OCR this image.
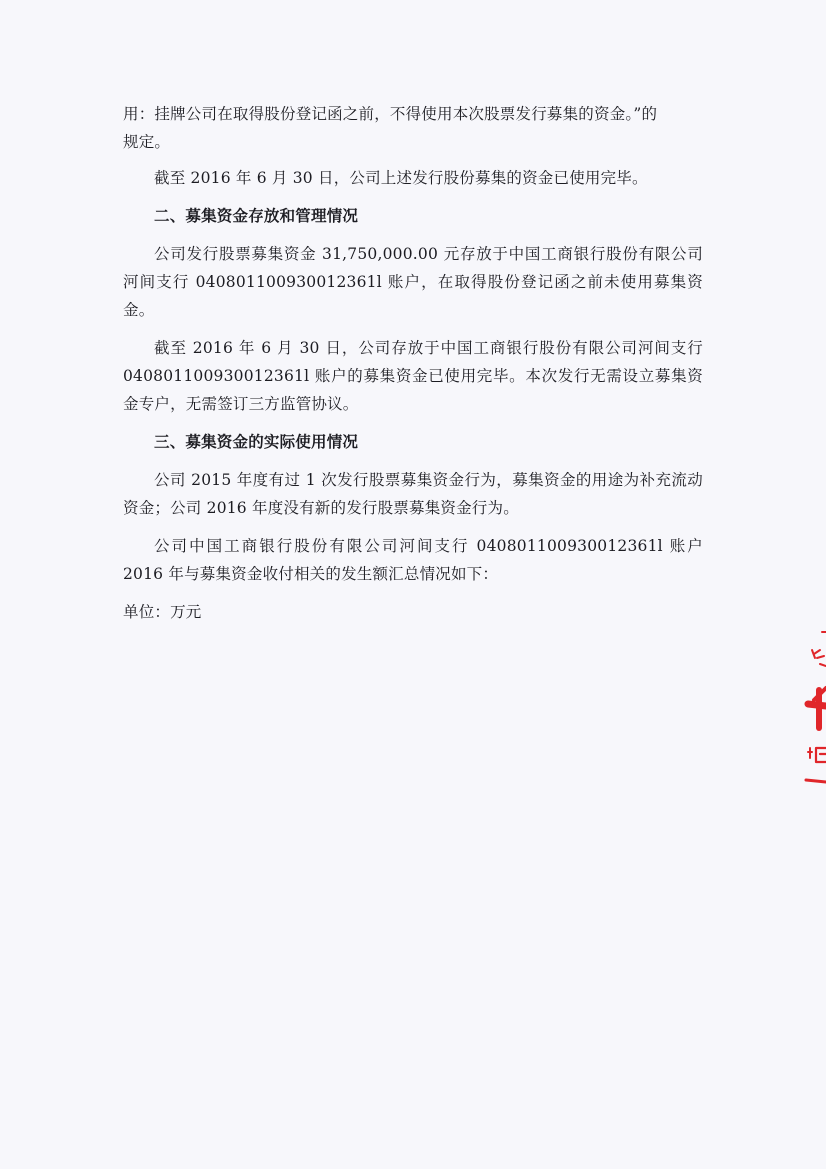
用：挂牌公司在取得股份登记函之前，不得使用本次股票发行募集的资金。”的

规定。

截至 2016 年 6 月 30 日，公司上述发行股份募集的资金已使用完毕。

二、募集资金存放和管理情况

公司发行股票募集资金 31,750,000.00 元存放于中国工商银行股份有限公司河间支行 040801100930012361l 账户，在取得股份登记函之前未使用募集资金。

截至 2016 年 6 月 30 日，公司存放于中国工商银行股份有限公司河间支行 040801100930012361l 账户的募集资金已使用完毕。本次发行无需设立募集资金专户，无需签订三方监管协议。

三、募集资金的实际使用情况

公司 2015 年度有过 1 次发行股票募集资金行为，募集资金的用途为补充流动资金；公司 2016 年度没有新的发行股票募集资金行为。

公司中国工商银行股份有限公司河间支行 040801100930012361l 账户 2016 年与募集资金收付相关的发生额汇总情况如下：

单位：万元
